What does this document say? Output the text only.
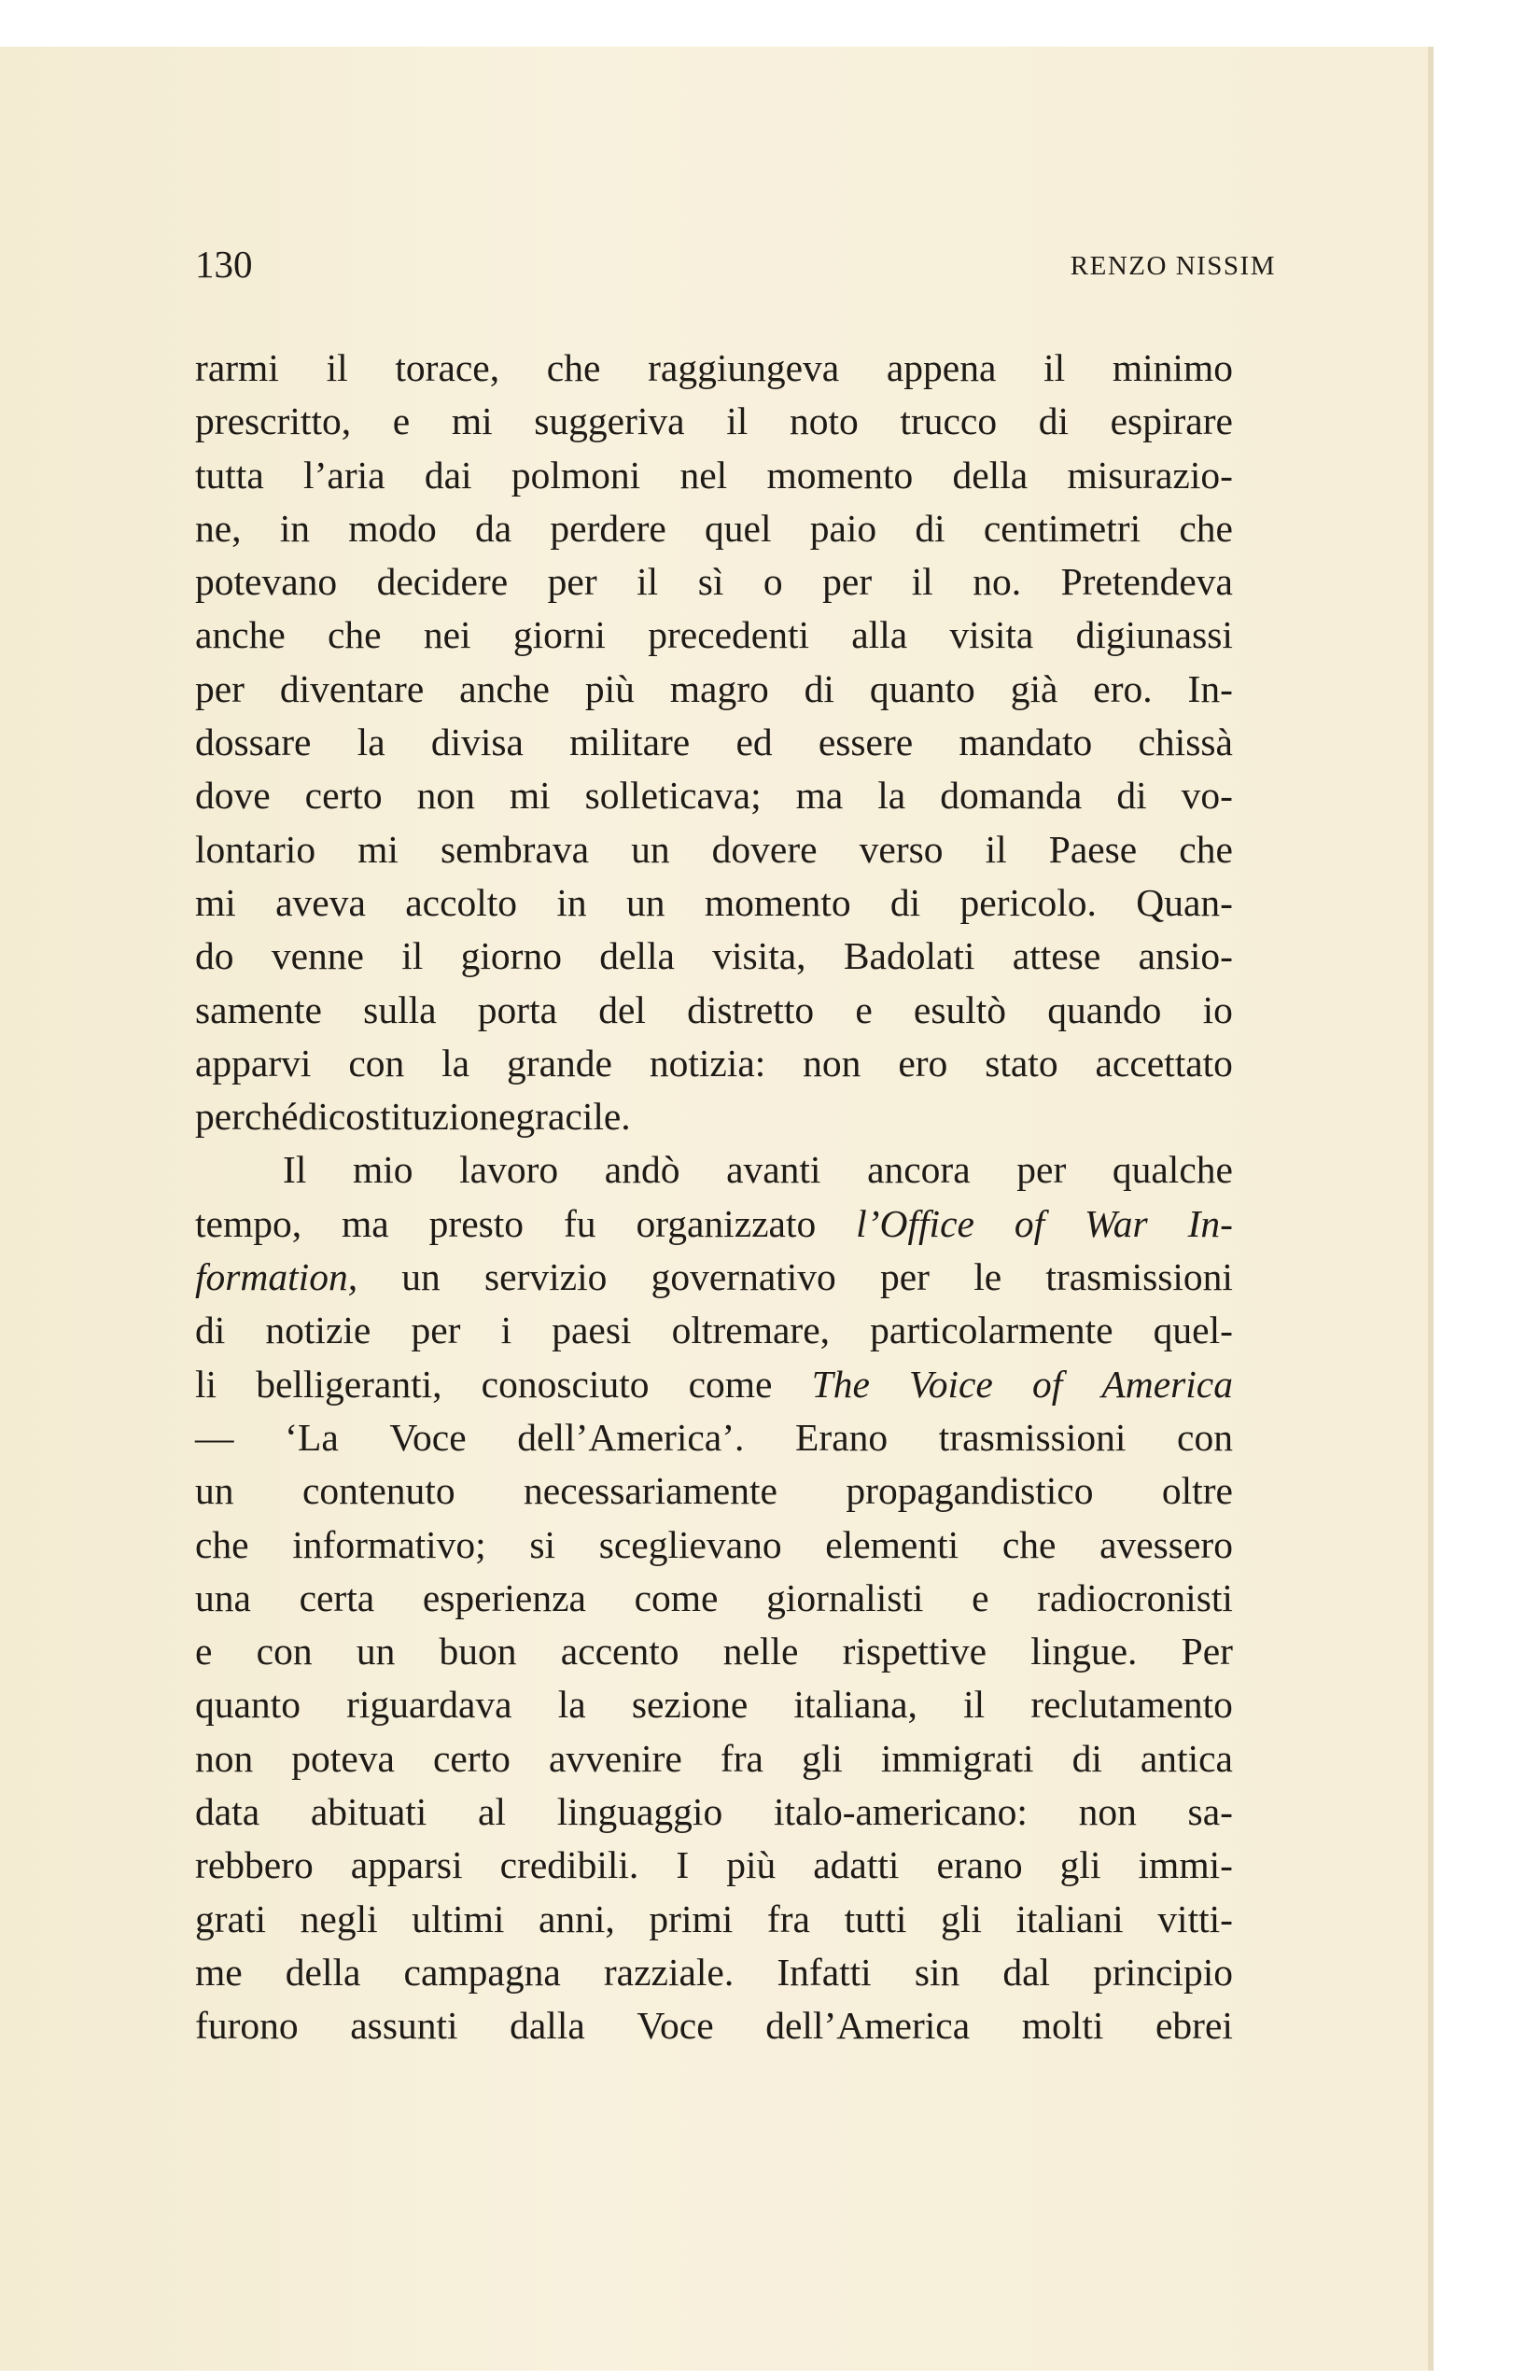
130	RENZO NISSIM
rarmi il torace, che raggiungeva appena il minimo
prescritto, e mi suggeriva il noto trucco di espirare
tutta l’aria dai polmoni nel momento della misurazio-
ne, in modo da perdere quel paio di centimetri che
potevano decidere per il sì o per il no. Pretendeva
anche che nei giorni precedenti alla visita digiunassi
per diventare anche più magro di quanto già ero. In-
dossare la divisa militare ed essere mandato chissà
dove certo non mi solleticava; ma la domanda di vo-
lontario mi sembrava un dovere verso il Paese che
mi aveva accolto in un momento di pericolo. Quan-
do venne il giorno della visita, Badolati attese ansio-
samente sulla porta del distretto e esultò quando io
apparvi con la grande notizia: non ero stato accettato
perché di costituzione gracile.
Il mio lavoro andò avanti ancora per qualche
tempo, ma presto fu organizzato l’Office of War In-
formation, un servizio governativo per le trasmissioni
di notizie per i paesi oltremare, particolarmente quel-
li belligeranti, conosciuto come The Voice of America
— ‘La Voce dell’America’. Erano trasmissioni con
un contenuto necessariamente propagandistico oltre
che informativo; si sceglievano elementi che avessero
una certa esperienza come giornalisti e radiocronisti
e con un buon accento nelle rispettive lingue. Per
quanto riguardava la sezione italiana, il reclutamento
non poteva certo avvenire fra gli immigrati di antica
data abituati al linguaggio italo-americano: non sa-
rebbero apparsi credibili. I più adatti erano gli immi-
grati negli ultimi anni, primi fra tutti gli italiani vitti-
me della campagna razziale. Infatti sin dal principio
furono assunti dalla Voce dell’America molti ebrei
